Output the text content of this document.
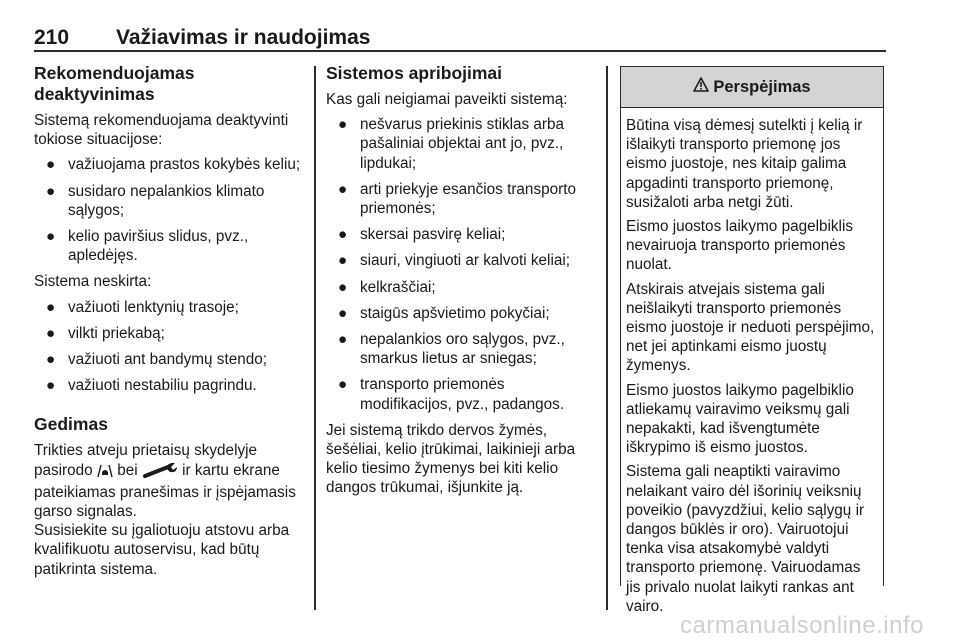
210 Važiavimas ir naudojimas
Rekomenduojamas deaktyvinimas

Sistemą rekomenduojama deaktyvinti tokiose situacijose:

● važiuojama prastos kokybės keliu;
● susidaro nepalankios klimato sąlygos;
● kelio paviršius slidus, pvz., apledėjęs.

Sistema neskirta:

● važiuoti lenktynių trasoje;
● vilkti priekabą;
● važiuoti ant bandymų stendo;
● važiuoti nestabiliu pagrindu.
Gedimas

Trikties atveju prietaisų skydelyje pasirodo bei	ir kartu ekrane pateikiamas pranešimas ir įspėjamasis garso signalas.

Susisiekite su įgaliotuoju atstovu arba kvalifikuotu autoservisu, kad būtų patikrinta sistema.

Sistemos apribojimai

Kas gali neigiamai paveikti sistemą:

● nešvarus priekinis stiklas arba pašaliniai objektai ant jo, pvz., lipdukai;
● arti priekyje esančios transporto priemonės;
● skersai pasvirę keliai;
● siauri, vingiuoti ar kalvoti keliai;
● kelkraščiai;
● staigūs apšvietimo pokyčiai;
● nepalankios oro sąlygos, pvz., smarkus lietus ar sniegas;
● transporto priemonės modifikacijos, pvz., padangos.

Jei sistemą trikdo dervos žymės, šešėliai, kelio įtrūkimai, laikinieji arba kelio tiesimo žymenys bei kiti kelio dangos trūkumai, išjunkite ją.

Perspėjimas

Būtina visą dėmesį sutelkti į kelią ir išlaikyti transporto priemonę jos eismo juostoje, nes kitaip galima apgadinti transporto priemonę, susižaloti arba netgi žūti.

Eismo juostos laikymo pagelbiklis nevairuoja transporto priemonės nuolat.

Atskirais atvejais sistema gali neišlaikyti transporto priemonės eismo juostoje ir neduoti perspėjimo, net jei aptinkami eismo juostų žymenys.

Eismo juostos laikymo pagelbiklio atliekamų vairavimo veiksmų gali nepakakti, kad išvengtumėte iškrypimo iš eismo juostos.

Sistema gali neaptikti vairavimo nelaikant vairo dėl išorinių veiksnių poveikio (pavyzdžiui, kelio sąlygų ir dangos būklės ir oro). Vairuotojui tenka visa atsakomybė valdyti transporto priemonę. Vairuodamas jis privalo nuolat laikyti rankas ant vairo.

carmanualsonline.info
